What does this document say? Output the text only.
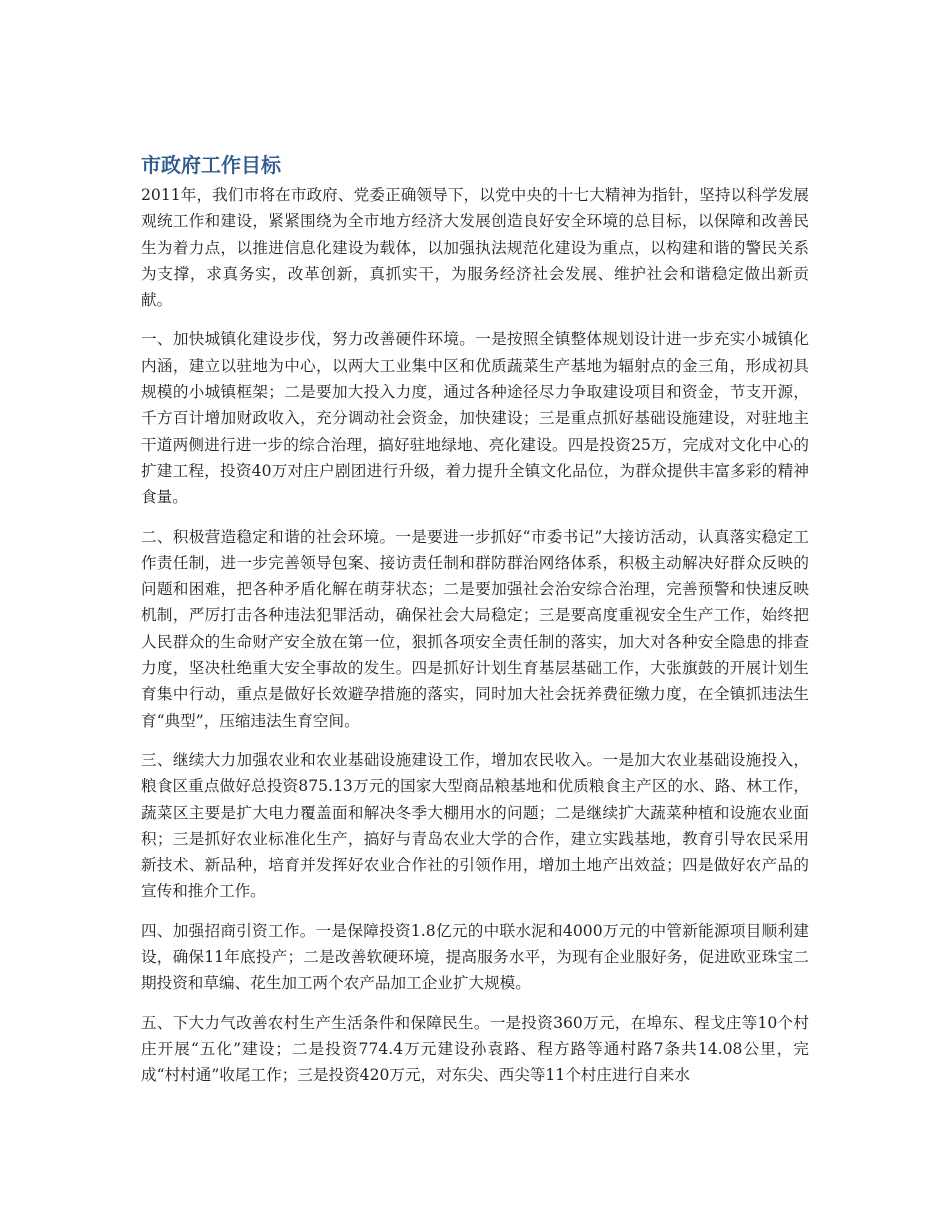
市政府工作目标

2011年，我们市将在市政府、党委正确领导下，以党中央的十七大精神为指针，坚持以科学发展观统工作和建设，紧紧围绕为全市地方经济大发展创造良好安全环境的总目标，以保障和改善民生为着力点，以推进信息化建设为载体，以加强执法规范化建设为重点，以构建和谐的警民关系为支撑，求真务实，改革创新，真抓实干，为服务经济社会发展、维护社会和谐稳定做出新贡献。

一、加快城镇化建设步伐，努力改善硬件环境。一是按照全镇整体规划设计进一步充实小城镇化内涵，建立以驻地为中心，以两大工业集中区和优质蔬菜生产基地为辐射点的金三角，形成初具规模的小城镇框架；二是要加大投入力度，通过各种途径尽力争取建设项目和资金，节支开源，千方百计增加财政收入，充分调动社会资金，加快建设；三是重点抓好基础设施建设，对驻地主干道两侧进行进一步的综合治理，搞好驻地绿地、亮化建设。四是投资25万，完成对文化中心的扩建工程，投资40万对庄户剧团进行升级，着力提升全镇文化品位，为群众提供丰富多彩的精神食量。

二、积极营造稳定和谐的社会环境。一是要进一步抓好“市委书记”大接访活动，认真落实稳定工作责任制，进一步完善领导包案、接访责任制和群防群治网络体系，积极主动解决好群众反映的问题和困难，把各种矛盾化解在萌芽状态；二是要加强社会治安综合治理，完善预警和快速反映机制，严厉打击各种违法犯罪活动，确保社会大局稳定；三是要高度重视安全生产工作，始终把人民群众的生命财产安全放在第一位，狠抓各项安全责任制的落实，加大对各种安全隐患的排查力度，坚决杜绝重大安全事故的发生。四是抓好计划生育基层基础工作，大张旗鼓的开展计划生育集中行动，重点是做好长效避孕措施的落实，同时加大社会抚养费征缴力度，在全镇抓违法生育“典型”，压缩违法生育空间。

三、继续大力加强农业和农业基础设施建设工作，增加农民收入。一是加大农业基础设施投入，粮食区重点做好总投资875.13万元的国家大型商品粮基地和优质粮食主产区的水、路、林工作，蔬菜区主要是扩大电力覆盖面和解决冬季大棚用水的问题；二是继续扩大蔬菜种植和设施农业面积；三是抓好农业标准化生产，搞好与青岛农业大学的合作，建立实践基地，教育引导农民采用新技术、新品种，培育并发挥好农业合作社的引领作用，增加土地产出效益；四是做好农产品的宣传和推介工作。

四、加强招商引资工作。一是保障投资1.8亿元的中联水泥和4000万元的中管新能源项目顺利建设，确保11年底投产；二是改善软硬环境，提高服务水平，为现有企业服好务，促进欧亚珠宝二期投资和草编、花生加工两个农产品加工企业扩大规模。

五、下大力气改善农村生产生活条件和保障民生。一是投资360万元，在埠东、程戈庄等10个村庄开展“五化”建设；二是投资774.4万元建设孙袁路、程方路等通村路7条共14.08公里，完成“村村通”收尾工作；三是投资420万元，对东尖、西尖等11个村庄进行自来水
